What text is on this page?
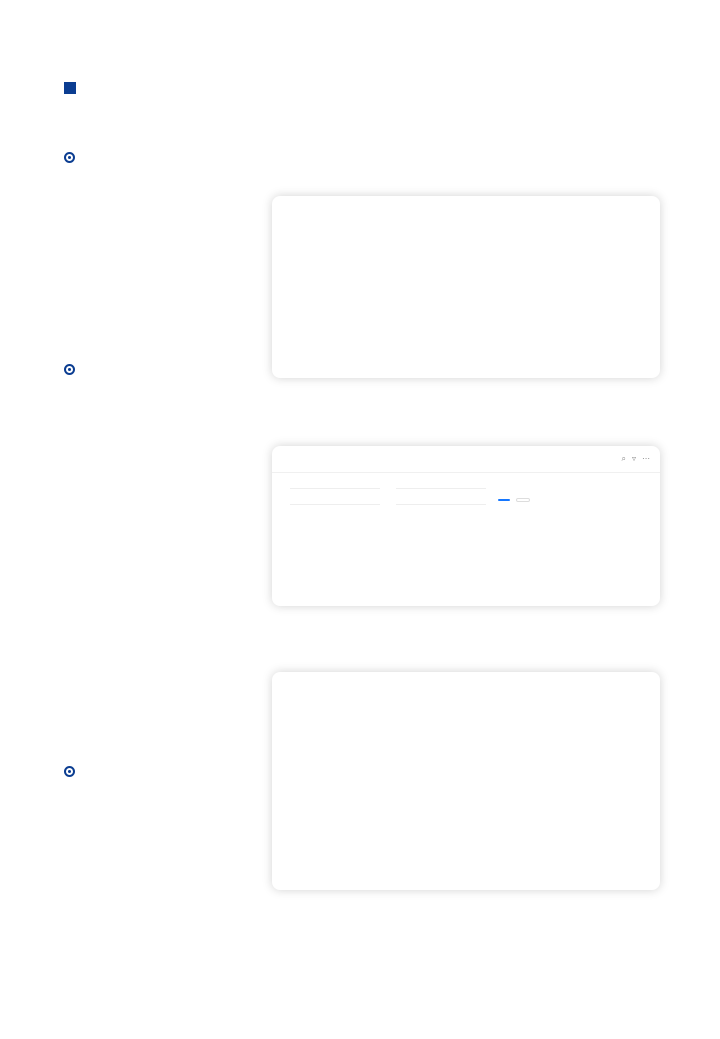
⌕ ▿ ⋯
